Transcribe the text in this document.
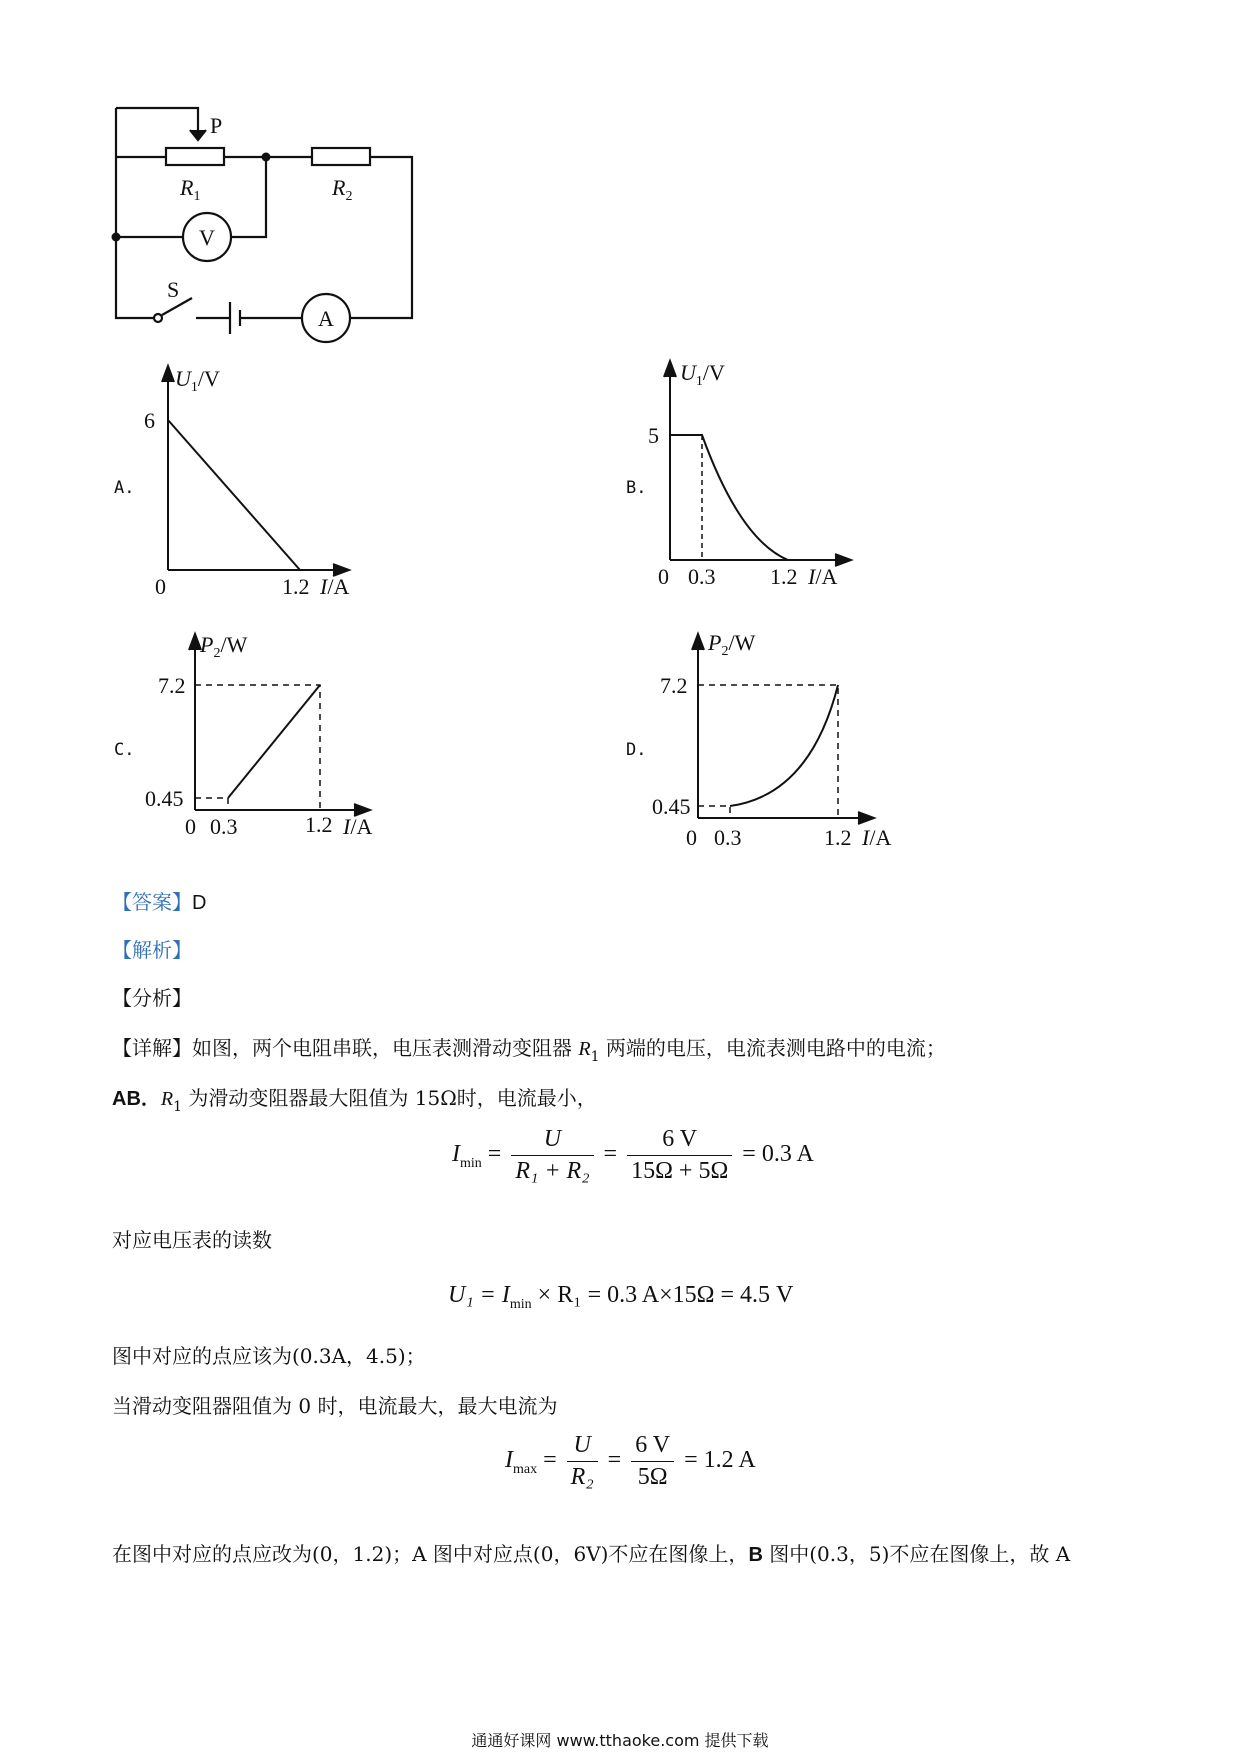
P
$R_1$	$R_2$
V
S
A
A.	B.
C.	D.
$U_1/V$
6
0	1.2 I/A
$U_1/V$
5
0 0.3 1.2 I/A
$P_2/W$
7.2
0.45
0 0.3	1.2 I/A
$P_2/W$
7.2
0.45
0 0.3	1.2 I/A
【答案】D
【解析】
【分析】
【详解】如图，两个电阻串联，电压表测滑动变阻器 $R_1$ 两端的电压，电流表测电路中的电流；
AB．$R_1$ 为滑动变阻器最大阻值为 15Ω时，电流最小，
$I_{min} = \frac{U}{\text{R₁ + R₂}} = \frac{6 V}{15\Omega + 5\Omega} = 0.3$ A
对应电压表的读数
$U_1 = I_{min} \times R_1 = 0.3$ A×15Ω = 4.5 V
图中对应的点应该为(0.3A，4.5)；
当滑动变阻器阻值为 0 时，电流最大，最大电流为
$I_{max} = \frac{U}{\text{R₂}} = \frac{6 V}{5\Omega} = 1.2$ A
在图中对应的点应改为(0，1.2)；A 图中对应点(0，6V)不应在图像上，B 图中(0.3，5)不应在图像上，故 A
通通好课网 www.tthaoke.com 提供下载
